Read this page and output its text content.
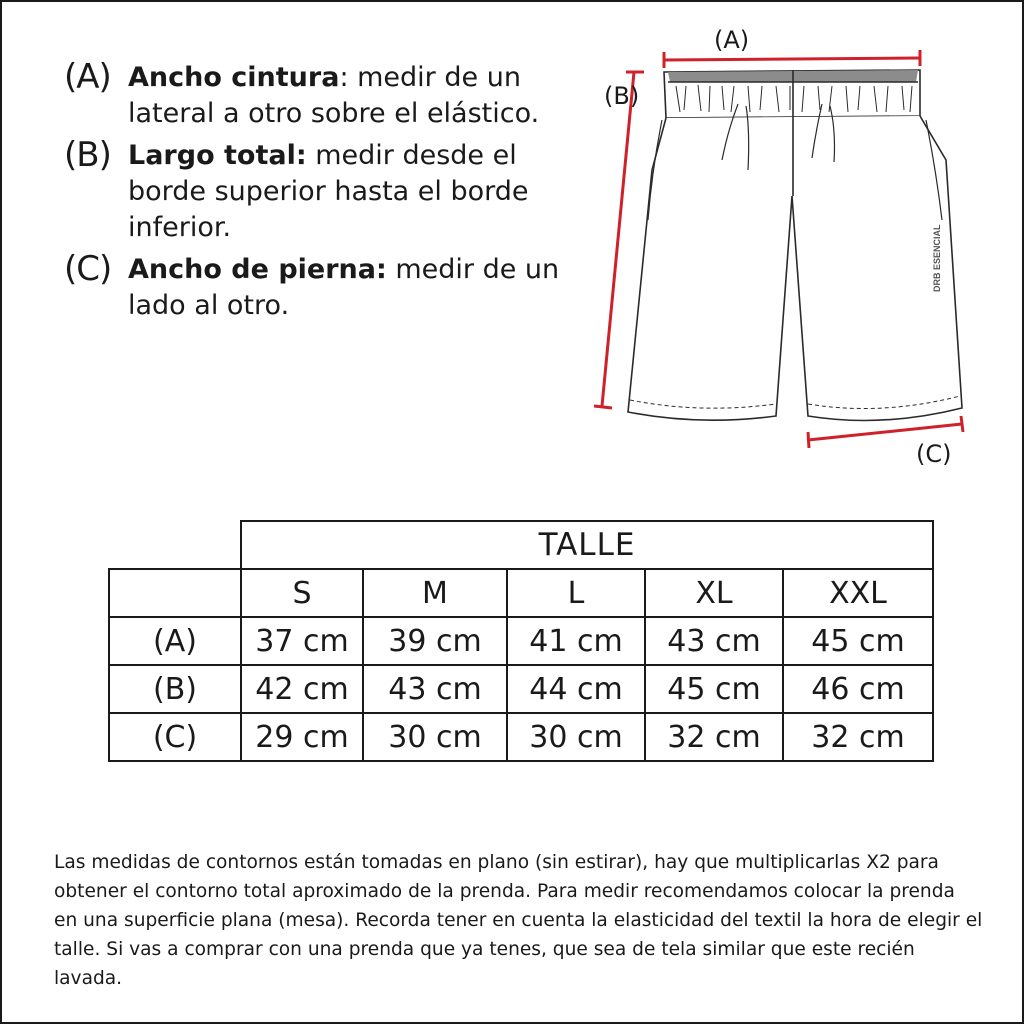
(A) Ancho cintura: medir de un lateral a otro sobre el elástico.
(B) Largo total: medir desde el borde superior hasta el borde inferior.
(C) Ancho de pierna: medir de un lado al otro.
DRB ESENCIAL
(A)
(B)
(C)
	TALLE				
	S	M	L	XL	XXL
(A)	37 cm	39 cm	41 cm	43 cm	45 cm
(B)	42 cm	43 cm	44 cm	45 cm	46 cm
(C)	29 cm	30 cm	30 cm	32 cm	32 cm
Las medidas de contornos están tomadas en plano (sin estirar), hay que multiplicarlas X2 para obtener el contorno total aproximado de la prenda. Para medir recomendamos colocar la prenda en una superficie plana (mesa). Recorda tener en cuenta la elasticidad del textil la hora de elegir el talle. Si vas a comprar con una prenda que ya tenes, que sea de tela similar que este recién lavada.
